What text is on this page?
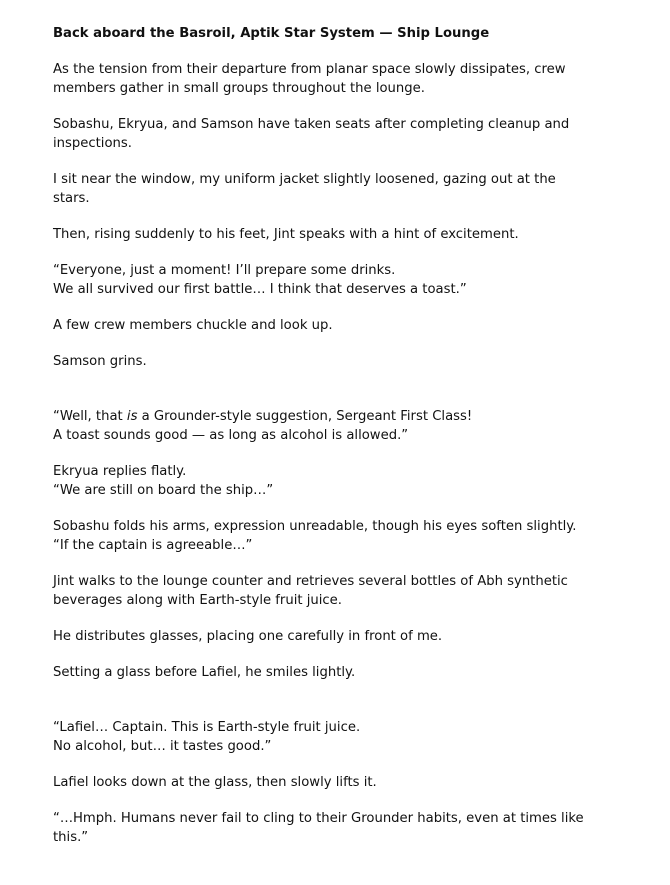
Back aboard the Basroil, Aptik Star System — Ship Lounge
As the tension from their departure from planar space slowly dissipates, crew
members gather in small groups throughout the lounge.
Sobashu, Ekryua, and Samson have taken seats after completing cleanup and
inspections.
I sit near the window, my uniform jacket slightly loosened, gazing out at the
stars.
Then, rising suddenly to his feet, Jint speaks with a hint of excitement.
“Everyone, just a moment! I’ll prepare some drinks.
We all survived our first battle… I think that deserves a toast.”
A few crew members chuckle and look up.
Samson grins.
“Well, that is a Grounder-style suggestion, Sergeant First Class!
A toast sounds good — as long as alcohol is allowed.”
Ekryua replies flatly.
“We are still on board the ship…”
Sobashu folds his arms, expression unreadable, though his eyes soften slightly.
“If the captain is agreeable…”
Jint walks to the lounge counter and retrieves several bottles of Abh synthetic
beverages along with Earth-style fruit juice.
He distributes glasses, placing one carefully in front of me.
Setting a glass before Lafiel, he smiles lightly.
“Lafiel… Captain. This is Earth-style fruit juice.
No alcohol, but… it tastes good.”
Lafiel looks down at the glass, then slowly lifts it.
“…Hmph. Humans never fail to cling to their Grounder habits, even at times like
this.”
